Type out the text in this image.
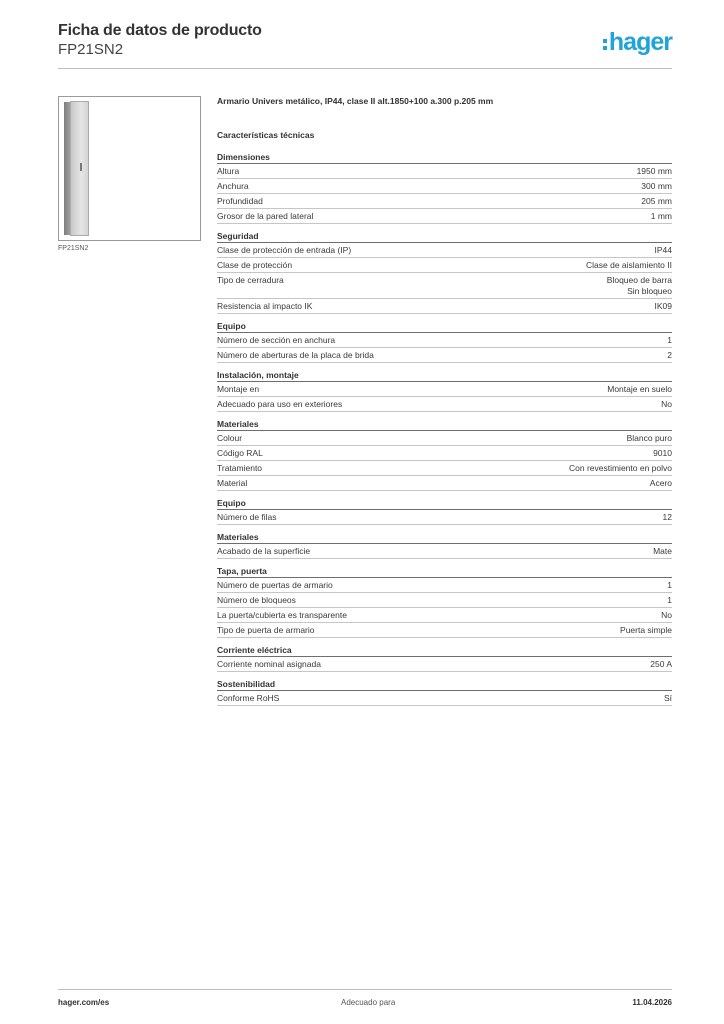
Ficha de datos de producto
FP21SN2	hager
FP21SN2
Armario Univers metálico, IP44, clase II alt.1850+100 a.300 p.205 mm
Características técnicas
Dimensiones
Altura	1950 mm
Anchura	300 mm
Profundidad	205 mm
Grosor de la pared lateral	1 mm
Seguridad
Clase de protección de entrada (IP)	IP44
Clase de protección	Clase de aislamiento II
Tipo de cerradura	Bloqueo de barra
Sin bloqueo
Resistencia al impacto IK	IK09
Equipo
Número de sección en anchura	1
Número de aberturas de la placa de brida	2
Instalación, montaje
Montaje en	Montaje en suelo
Adecuado para uso en exteriores	No
Materiales
Colour	Blanco puro
Código RAL	9010
Tratamiento	Con revestimiento en polvo
Material	Acero
Equipo
Número de filas	12
Materiales
Acabado de la superficie	Mate
Tapa, puerta
Número de puertas de armario	1
Número de bloqueos	1
La puerta/cubierta es transparente	No
Tipo de puerta de armario	Puerta simple
Corriente eléctrica
Corriente nominal asignada	250 A
Sostenibilidad
Conforme RoHS	Sí
hager.com/es	Adecuado para	11.04.2026
